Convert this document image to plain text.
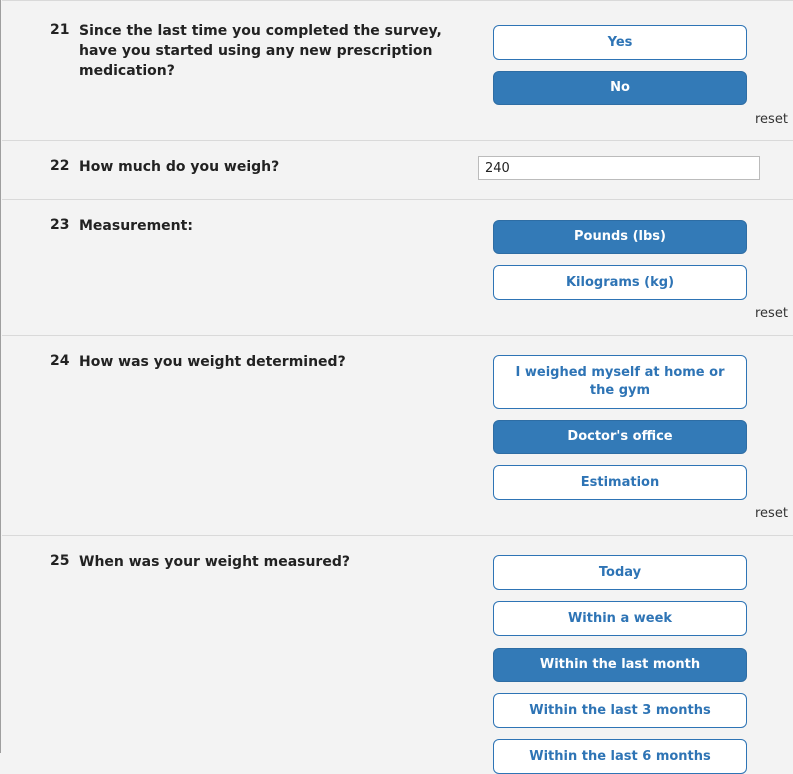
21 Since the last time you completed the survey, have you started using any new prescription medication?
Yes
No
reset
22 How much do you weigh?
240
23 Measurement:
Pounds (lbs)
Kilograms (kg)
reset
24 How was you weight determined?
I weighed myself at home or the gym
Doctor's office
Estimation
reset
25 When was your weight measured?
Today
Within a week
Within the last month
Within the last 3 months
Within the last 6 months
